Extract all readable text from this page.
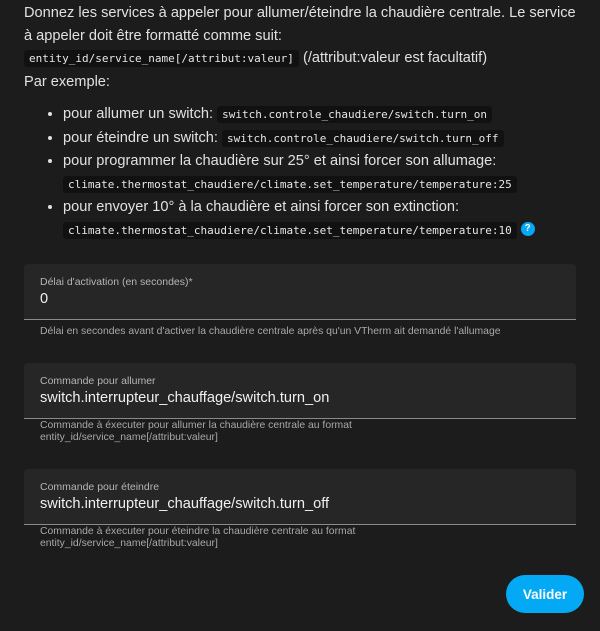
Donnez les services à appeler pour allumer/éteindre la chaudière centrale. Le service à appeler doit être formatté comme suit:
entity_id/service_name[/attribut:valeur] (/attribut:valeur est facultatif)
Par exemple:

• pour allumer un switch: switch.controle_chaudiere/switch.turn_on
• pour éteindre un switch: switch.controle_chaudiere/switch.turn_off
• pour programmer la chaudière sur 25° et ainsi forcer son allumage:
climate.thermostat_chaudiere/climate.set_temperature/temperature:25
• pour envoyer 10° à la chaudière et ainsi forcer son extinction:
climate.thermostat_chaudiere/climate.set_temperature/temperature:10 ?
Délai d'activation (en secondes)*
0
Délai en secondes avant d'activer la chaudière centrale après qu'un VTherm ait demandé l'allumage
Commande pour allumer
switch.interrupteur_chauffage/switch.turn_on
Commande à éxecuter pour allumer la chaudière centrale au format
entity_id/service_name[/attribut:valeur]
Commande pour éteindre
switch.interrupteur_chauffage/switch.turn_off
Commande à éxecuter pour éteindre la chaudière centrale au format
entity_id/service_name[/attribut:valeur]
Valider
